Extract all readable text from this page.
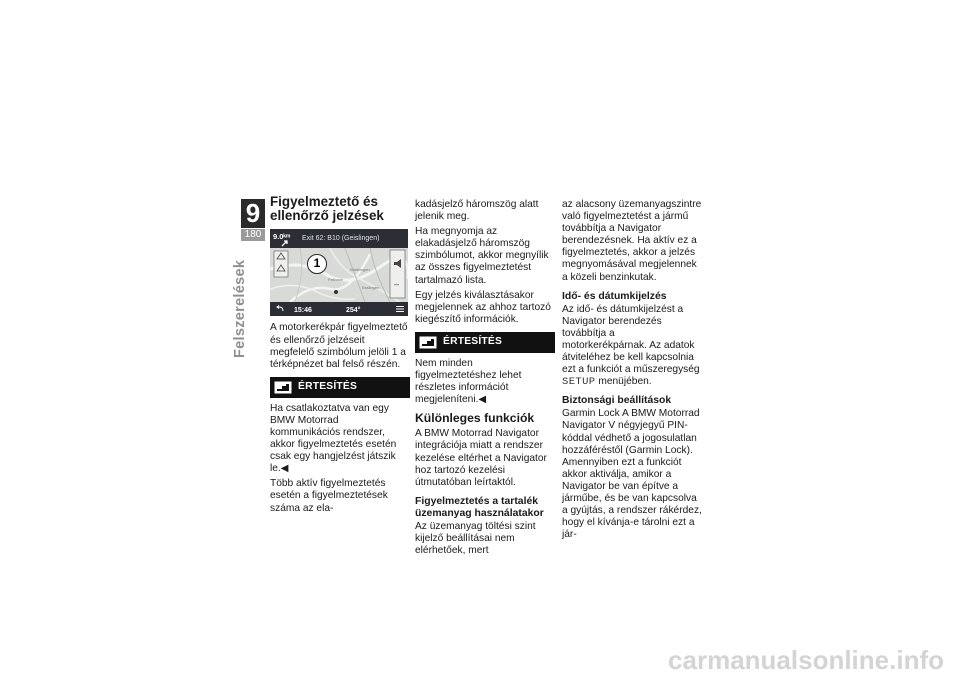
9
180
Felszerelések
Figyelmeztető és ellenőrző jelzések
–
Waiblingen
Fellbach
Esslingen
9.0ᵏᵐ Exit 62: B10 (Geislingen)
1
15:46	254°

A motorkerékpár figyelmeztető és ellenőrző jelzéseit megfelelő szimbólum jelöli 1 a térképnézet bal felső részén.

ÉRTESÍTÉS

Ha csatlakoztatva van egy BMW Motorrad kommunikációs rendszer, akkor figyelmeztetés esetén csak egy hangjelzést játszik le.◀

Több aktív figyelmeztetés esetén a figyelmeztetések száma az ela-

kadásjelző háromszög alatt jelenik meg.

Ha megnyomja az elakadásjelző háromszög szimbólumot, akkor megnyílik az összes figyelmeztetést tartalmazó lista.

Egy jelzés kiválasztásakor megjelennek az ahhoz tartozó kiegészítő információk.

ÉRTESÍTÉS

Nem minden figyelmeztetéshez lehet részletes információt megjeleníteni.◀

Különleges funkciók

A BMW Motorrad Navigator integrációja miatt a rendszer kezelése eltérhet a Navigator hoz tartozó kezelési útmutatóban leírtaktól.

Figyelmeztetés a tartalék üzemanyag használatakor

Az üzemanyag töltési szint kijelző beállításai nem elérhetőek, mert

az alacsony üzemanyagszintre való figyelmeztetést a jármű továbbítja a Navigator berendezésnek. Ha aktív ez a figyelmeztetés, akkor a jelzés megnyomásával megjelennek a közeli benzinkutak.

Idő- és dátumkijelzés

Az idő- és dátumkijelzést a Navigator berendezés továbbítja a motorkerékpárnak. Az adatok átviteléhez be kell kapcsolnia ezt a funkciót a műszeregység SETUP menüjében.

Biztonsági beállítások

Garmin Lock A BMW Motorrad Navigator V négyjegyű PIN-kóddal védhető a jogosulatlan hozzáféréstől (Garmin Lock). Amennyiben ezt a funkciót akkor aktiválja, amikor a Navigator be van építve a járműbe, és be van kapcsolva a gyújtás, a rendszer rákérdez, hogy el kívánja-e tárolni ezt a jár-

carmanualsonline.info
